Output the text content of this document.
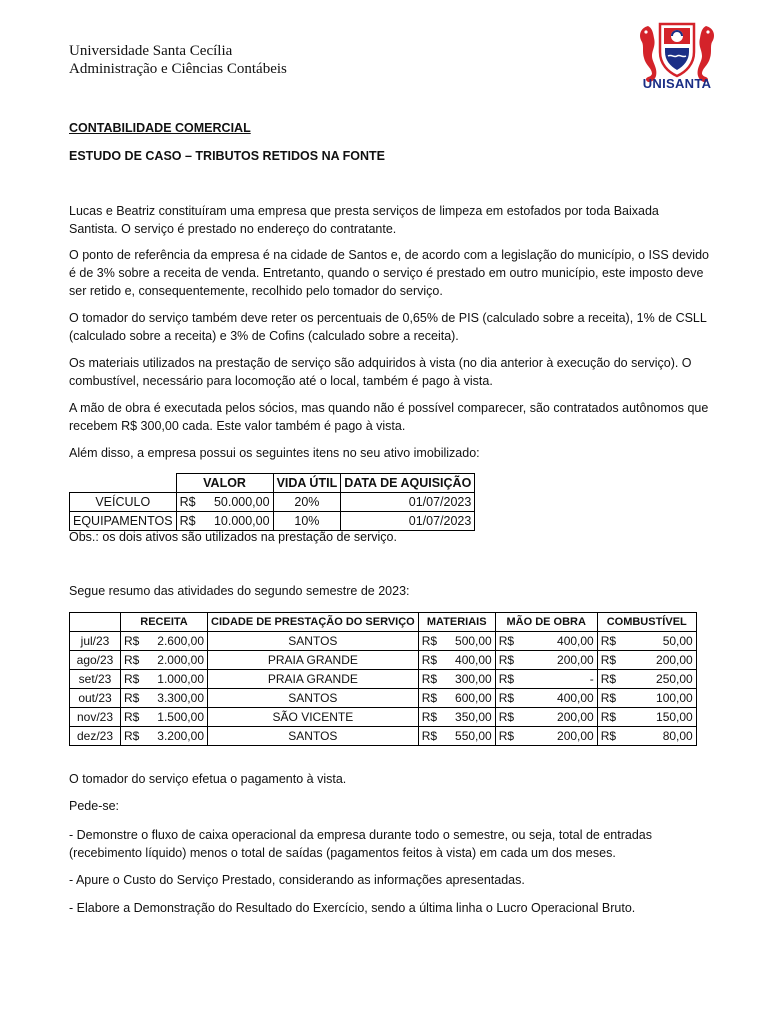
Universidade Santa Cecília
Administração e Ciências Contábeis
UNISANTA
CONTABILIDADE COMERCIAL
ESTUDO DE CASO – TRIBUTOS RETIDOS NA FONTE
Lucas e Beatriz constituíram uma empresa que presta serviços de limpeza em estofados por toda Baixada Santista. O serviço é prestado no endereço do contratante.
O ponto de referência da empresa é na cidade de Santos e, de acordo com a legislação do município, o ISS devido é de 3% sobre a receita de venda. Entretanto, quando o serviço é prestado em outro município, este imposto deve ser retido e, consequentemente, recolhido pelo tomador do serviço.
O tomador do serviço também deve reter os percentuais de 0,65% de PIS (calculado sobre a receita), 1% de CSLL (calculado sobre a receita) e 3% de Cofins (calculado sobre a receita).
Os materiais utilizados na prestação de serviço são adquiridos à vista (no dia anterior à execução do serviço). O combustível, necessário para locomoção até o local, também é pago à vista.
A mão de obra é executada pelos sócios, mas quando não é possível comparecer, são contratados autônomos que recebem R$ 300,00 cada. Este valor também é pago à vista.
Além disso, a empresa possui os seguintes itens no seu ativo imobilizado:
	VALOR	VIDA ÚTIL	DATA DE AQUISIÇÃO
VEÍCULO	R$ 50.000,00	20%	01/07/2023
EQUIPAMENTOS	R$ 10.000,00	10%	01/07/2023
Obs.: os dois ativos são utilizados na prestação de serviço.
Segue resumo das atividades do segundo semestre de 2023:
	RECEITA	CIDADE DE PRESTAÇÃO DO SERVIÇO	MATERIAIS	MÃO DE OBRA	COMBUSTÍVEL
jul/23	R$ 2.600,00	SANTOS	R$ 500,00	R$ 400,00	R$ 50,00

ago/23	R$ 2.000,00	PRAIA GRANDE	R$ 400,00	R$ 200,00	R$ 200,00

set/23	R$ 1.000,00	PRAIA GRANDE	R$ 300,00	R$ -	R$ 250,00

out/23	R$ 3.300,00	SANTOS	R$ 600,00	R$ 400,00	R$ 100,00

nov/23	R$ 1.500,00	SÃO VICENTE	R$ 350,00	R$ 200,00	R$ 150,00

dez/23	R$ 3.200,00	SANTOS	R$ 550,00	R$ 200,00	R$ 80,00
O tomador do serviço efetua o pagamento à vista.
Pede-se:
- Demonstre o fluxo de caixa operacional da empresa durante todo o semestre, ou seja, total de entradas (recebimento líquido) menos o total de saídas (pagamentos feitos à vista) em cada um dos meses.
- Apure o Custo do Serviço Prestado, considerando as informações apresentadas.
- Elabore a Demonstração do Resultado do Exercício, sendo a última linha o Lucro Operacional Bruto.
